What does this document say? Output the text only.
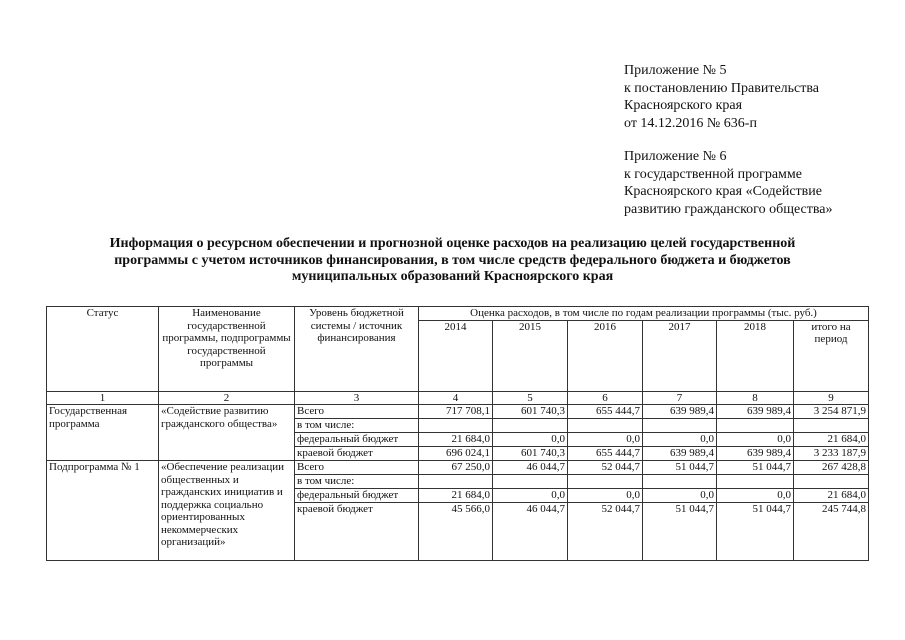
Приложение № 5
к постановлению Правительства
Красноярского края
от 14.12.2016 № 636-п
Приложение № 6
к государственной программе
Красноярского края «Содействие
развитию гражданского общества»
Информация о ресурсном обеспечении и прогнозной оценке расходов на реализацию целей государственной
программы с учетом источников финансирования, в том числе средств федерального бюджета и бюджетов
муниципальных образований Красноярского края
Статус	Наименование государственной программы, подпрограммы государственной программы	Уровень бюджетной системы / источник финансирования	Оценка расходов, в том числе по годам реализации программы (тыс. руб.)					
			2014	2015	2016	2017	2018	итого на период
1	2	3	4	5	6	7	8	9
Государственная программа	«Содействие развитию гражданского общества»	Всего	717 708,1	601 740,3	655 444,7	639 989,4	639 989,4	3 254 871,9
		в том числе:						
		федеральный бюджет	21 684,0	0,0	0,0	0,0	0,0	21 684,0
		краевой бюджет	696 024,1	601 740,3	655 444,7	639 989,4	639 989,4	3 233 187,9
Подпрограмма № 1	«Обеспечение реализации общественных и гражданских инициатив и поддержка социально ориентированных некоммерческих организаций»	Всего	67 250,0	46 044,7	52 044,7	51 044,7	51 044,7	267 428,8
		в том числе:						
		федеральный бюджет	21 684,0	0,0	0,0	0,0	0,0	21 684,0
		краевой бюджет	45 566,0	46 044,7	52 044,7	51 044,7	51 044,7	245 744,8
